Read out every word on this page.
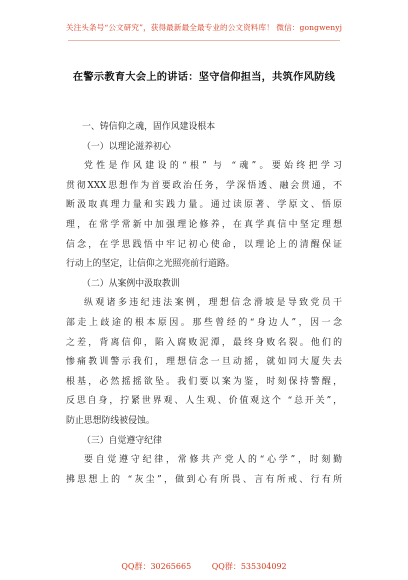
关注头条号“公文研究”，获得最新最全最专业的公文资料库！ 微信：gongwenyj
在警示教育大会上的讲话：坚守信仰担当，共筑作风防线
一、铸信仰之魂，固作风建设根本
（一）以理论滋养初心
党性是作风建设的“根” 与 “魂”。要始终把学习
贯彻XXX思想作为首要政治任务，学深悟透、融会贯通，不
断汲取真理力量和实践力量。通过读原著、学原文、悟原
理，在常学常新中加强理论修养，在真学真信中坚定理想
信念，在学思践悟中牢记初心使命，以理论上的清醒保证
行动上的坚定，让信仰之光照亮前行道路。
（二）从案例中汲取教训
纵观诸多违纪违法案例，理想信念滑坡是导致党员干
部走上歧途的根本原因。那些曾经的“身边人”，因一念
之差，背离信仰，陷入腐败泥潭，最终身败名裂。他们的
惨痛教训警示我们，理想信念一旦动摇，就如同大厦失去
根基，必然摇摇欲坠。我们要以案为鉴，时刻保持警醒，
反思自身，拧紧世界观、人生观、价值观这个 “总开关”，
防止思想防线被侵蚀。
（三）自觉遵守纪律
要自觉遵守纪律，常修共产党人的“心学”，时刻勤
拂思想上的 “灰尘”，做到心有所畏、言有所戒、行有所
QQ群：30265665	QQ群：535304092
